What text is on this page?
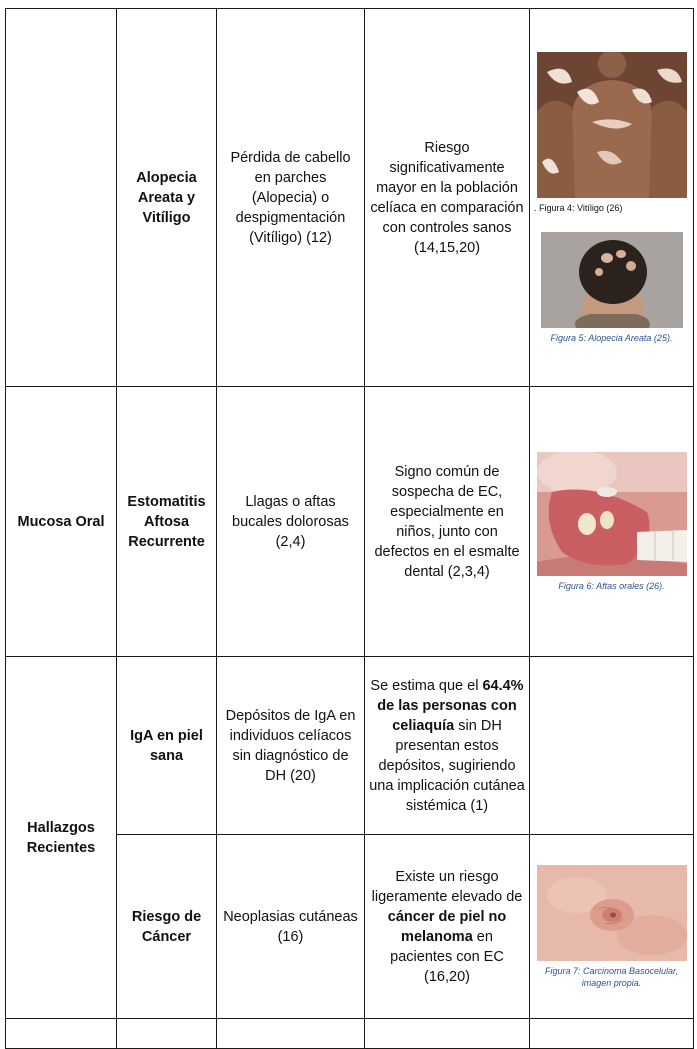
	Alopecia Areata y Vitíligo	Pérdida de cabello en parches (Alopecia) o despigmentación (Vitíligo) (12)	Riesgo significativamente mayor en la población celíaca en comparación con controles sanos (14,15,20)	. Figura 4: Vitíligo (26)

Figura 5: Alopecia Areata (25).

Mucosa Oral	Estomatitis Aftosa Recurrente	Llagas o aftas bucales dolorosas (2,4)	Signo común de sospecha de EC, especialmente en niños, junto con defectos en el esmalte dental (2,3,4)	Figura 6: Aftas orales (26).

Hallazgos Recientes	IgA en piel sana	Depósitos de IgA en individuos celíacos sin diagnóstico de DH (20)	Se estima que el 64.4% de las personas con celiaquía sin DH presentan estos depósitos, sugiriendo una implicación cutánea sistémica (1)	
	Riesgo de Cáncer	Neoplasias cutáneas (16)	Existe un riesgo ligeramente elevado de cáncer de piel no melanoma en pacientes con EC (16,20)	Figura 7: Carcinoma Basocelular, imagen propia.
